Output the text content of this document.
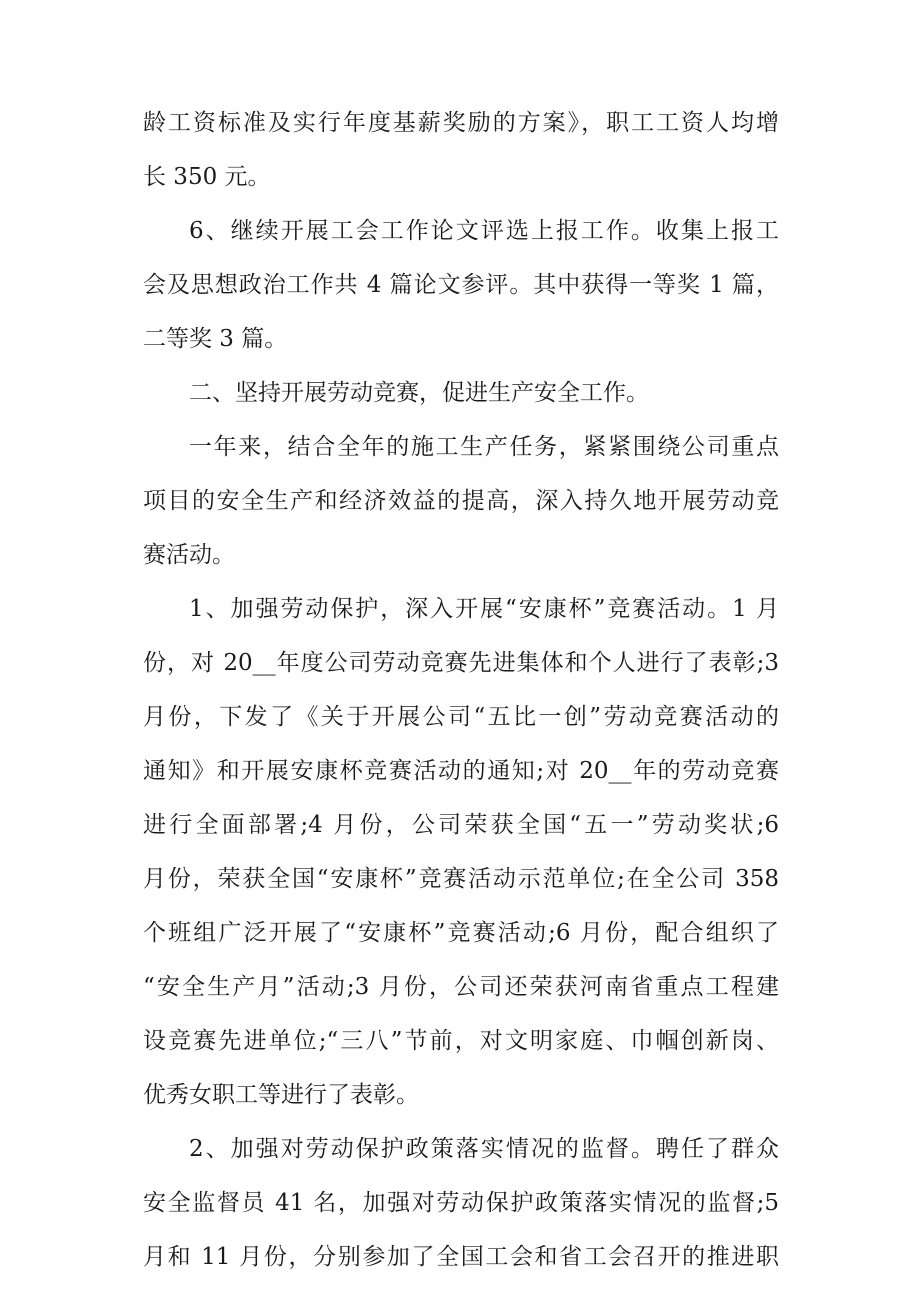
龄工资标准及实行年度基薪奖励的方案》，职工工资人均增
长 350 元。
6、继续开展工会工作论文评选上报工作。收集上报工
会及思想政治工作共 4 篇论文参评。其中获得一等奖 1 篇，
二等奖 3 篇。
二、坚持开展劳动竞赛，促进生产安全工作。
一年来，结合全年的施工生产任务，紧紧围绕公司重点
项目的安全生产和经济效益的提高，深入持久地开展劳动竞
赛活动。
1、加强劳动保护，深入开展“安康杯”竞赛活动。1 月
份，对 20__年度公司劳动竞赛先进集体和个人进行了表彰;3
月份，下发了《关于开展公司“五比一创”劳动竞赛活动的
通知》和开展安康杯竞赛活动的通知;对 20__年的劳动竞赛
进行全面部署;4 月份，公司荣获全国“五一”劳动奖状;6
月份，荣获全国“安康杯”竞赛活动示范单位;在全公司 358
个班组广泛开展了“安康杯”竞赛活动;6 月份，配合组织了
“安全生产月”活动;3 月份，公司还荣获河南省重点工程建
设竞赛先进单位;“三八”节前，对文明家庭、巾帼创新岗、
优秀女职工等进行了表彰。
2、加强对劳动保护政策落实情况的监督。聘任了群众
安全监督员 41 名，加强对劳动保护政策落实情况的监督;5
月和 11 月份，分别参加了全国工会和省工会召开的推进职
